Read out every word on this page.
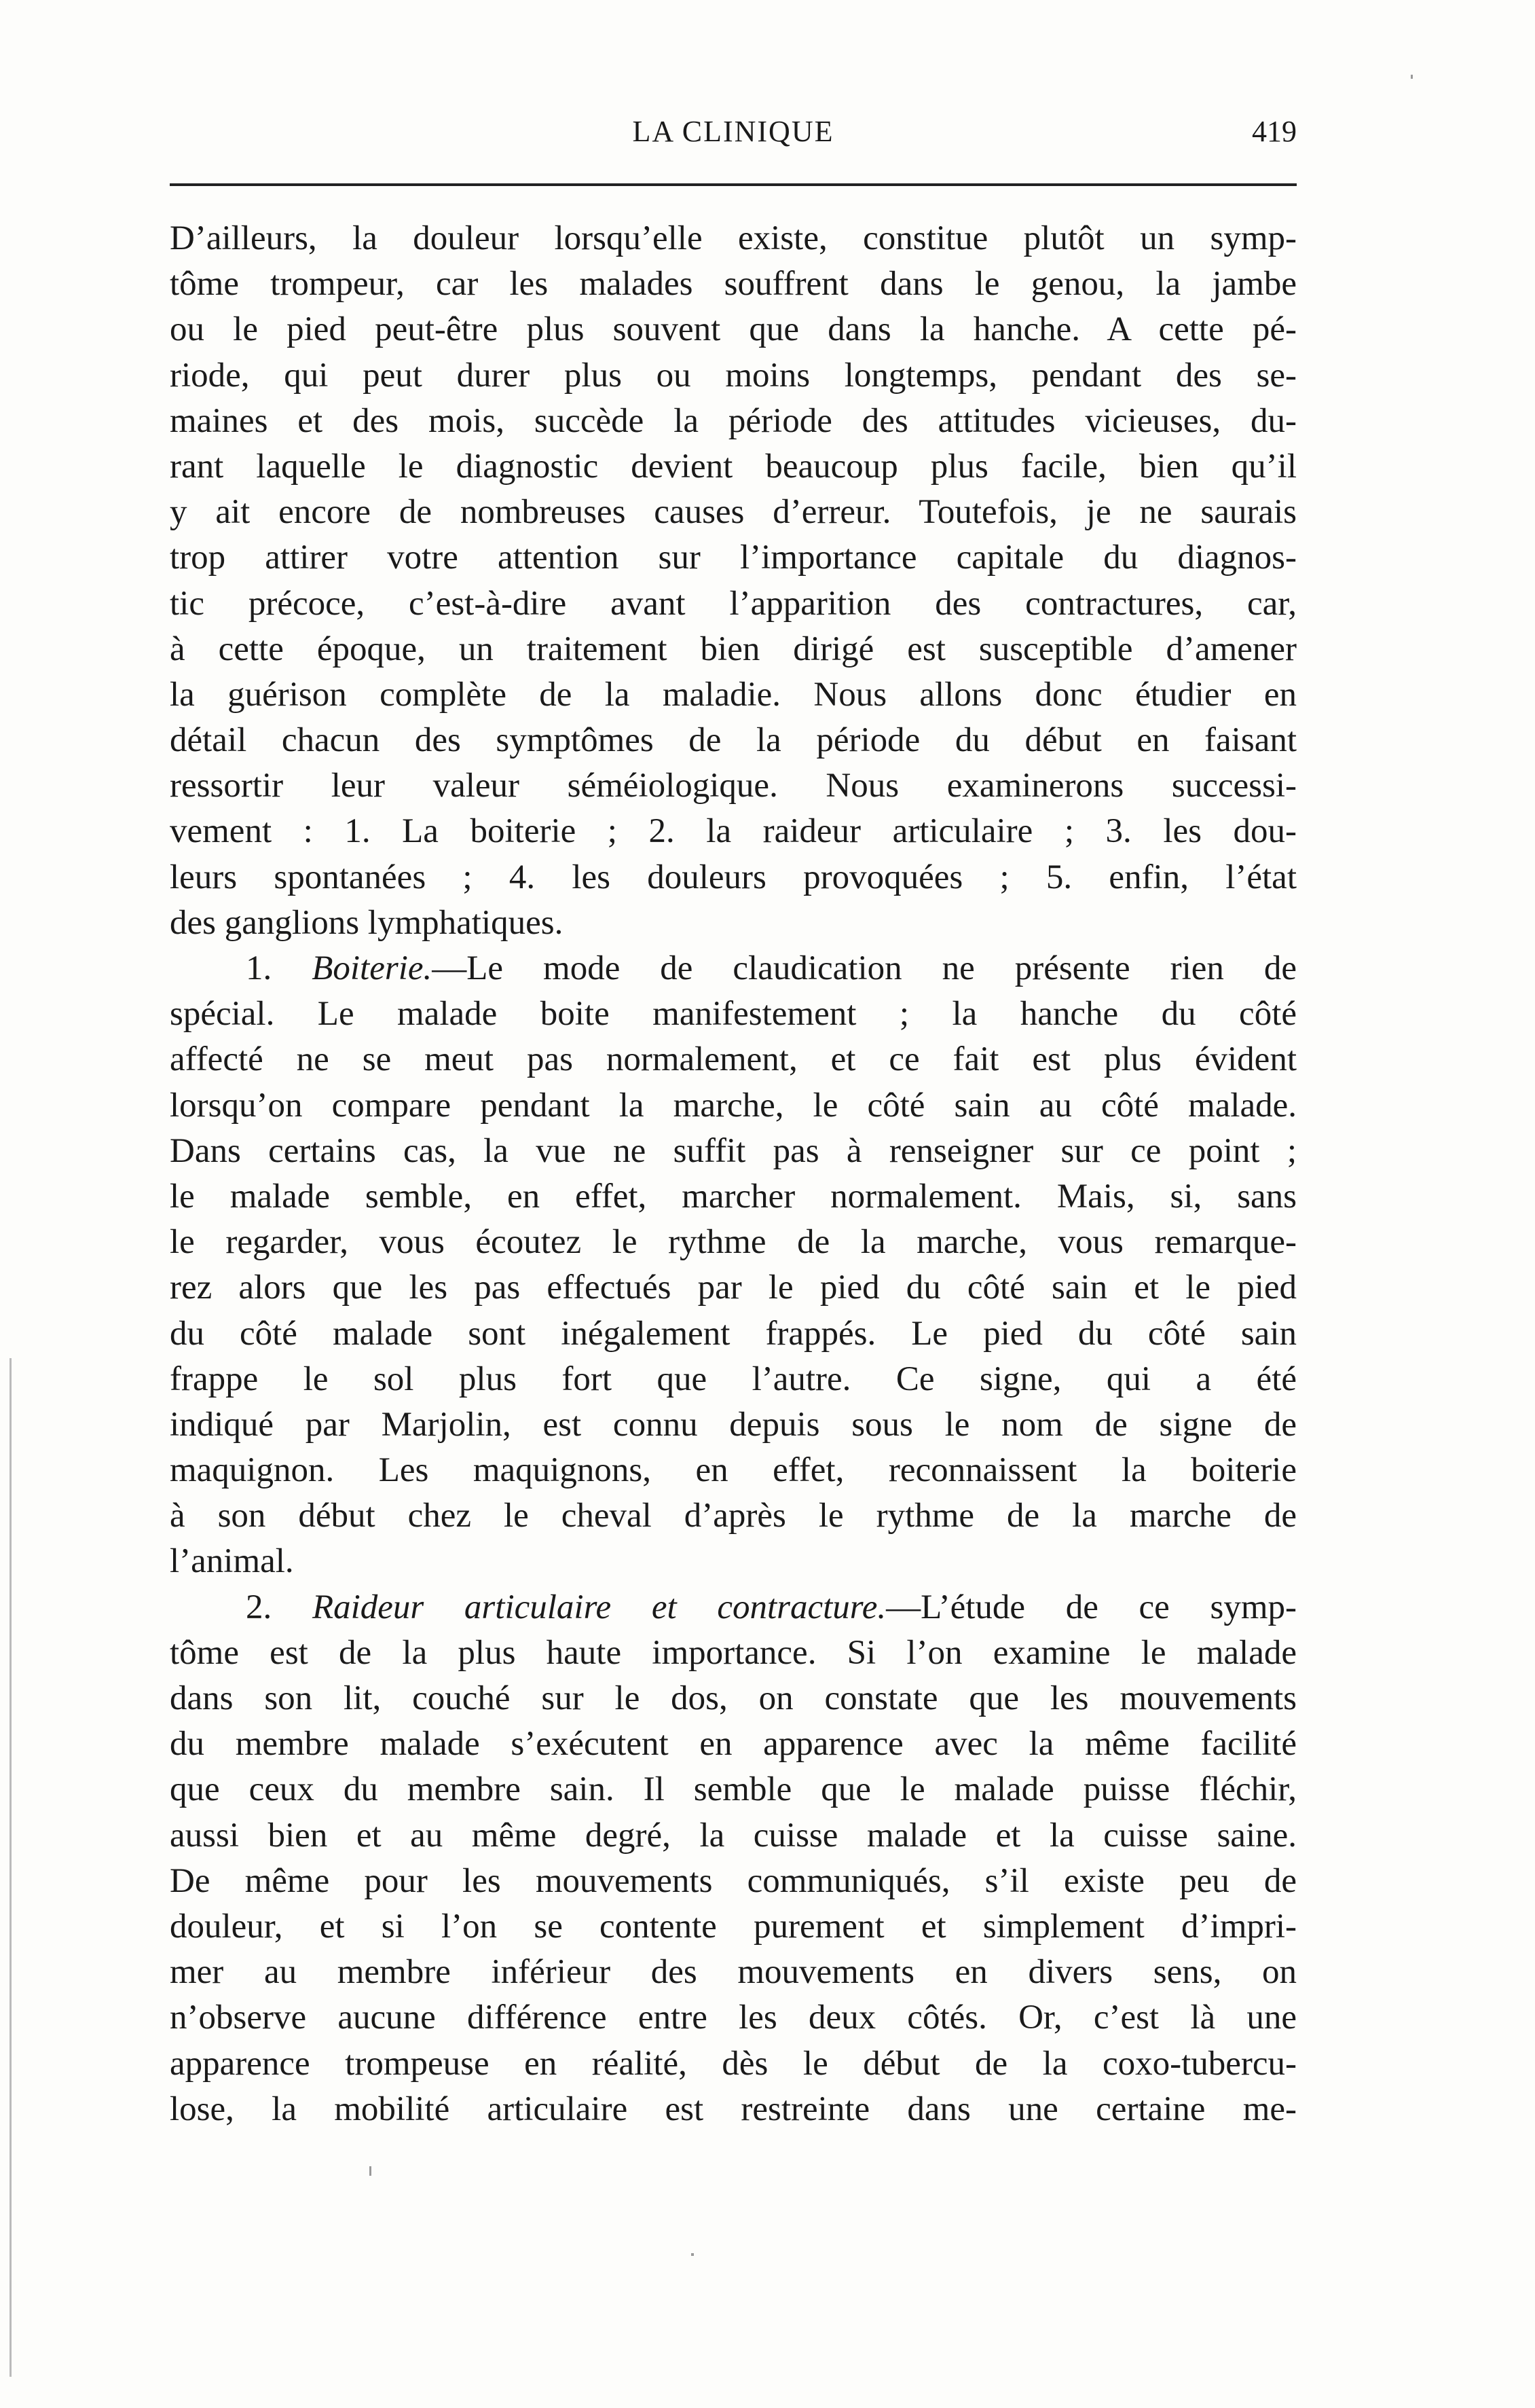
LA CLINIQUE	419
D’ailleurs, la douleur lorsqu’elle existe, constitue plutôt un symp-
tôme trompeur, car les malades souffrent dans le genou, la jambe
ou le pied peut-être plus souvent que dans la hanche. A cette pé-
riode, qui peut durer plus ou moins longtemps, pendant des se-
maines et des mois, succède la période des attitudes vicieuses, du-
rant laquelle le diagnostic devient beaucoup plus facile, bien qu’il
y ait encore de nombreuses causes d’erreur. Toutefois, je ne saurais
trop attirer votre attention sur l’importance capitale du diagnos-
tic précoce, c’est-à-dire avant l’apparition des contractures, car,
à cette époque, un traitement bien dirigé est susceptible d’amener
la guérison complète de la maladie. Nous allons donc étudier en
détail chacun des symptômes de la période du début en faisant
ressortir leur valeur séméiologique. Nous examinerons successi-
vement : 1. La boiterie ; 2. la raideur articulaire ; 3. les dou-
leurs spontanées ; 4. les douleurs provoquées ; 5. enfin, l’état
des ganglions lymphatiques.
1. Boiterie.—Le mode de claudication ne présente rien de
spécial. Le malade boite manifestement ; la hanche du côté
affecté ne se meut pas normalement, et ce fait est plus évident
lorsqu’on compare pendant la marche, le côté sain au côté malade.
Dans certains cas, la vue ne suffit pas à renseigner sur ce point ;
le malade semble, en effet, marcher normalement. Mais, si, sans
le regarder, vous écoutez le rythme de la marche, vous remarque-
rez alors que les pas effectués par le pied du côté sain et le pied
du côté malade sont inégalement frappés. Le pied du côté sain
frappe le sol plus fort que l’autre. Ce signe, qui a été
indiqué par Marjolin, est connu depuis sous le nom de signe de
maquignon. Les maquignons, en effet, reconnaissent la boiterie
à son début chez le cheval d’après le rythme de la marche de
l’animal.
2. Raideur articulaire et contracture.—L’étude de ce symp-
tôme est de la plus haute importance. Si l’on examine le malade
dans son lit, couché sur le dos, on constate que les mouvements
du membre malade s’exécutent en apparence avec la même facilité
que ceux du membre sain. Il semble que le malade puisse fléchir,
aussi bien et au même degré, la cuisse malade et la cuisse saine.
De même pour les mouvements communiqués, s’il existe peu de
douleur, et si l’on se contente purement et simplement d’impri-
mer au membre inférieur des mouvements en divers sens, on
n’observe aucune différence entre les deux côtés. Or, c’est là une
apparence trompeuse en réalité, dès le début de la coxo-tubercu-
lose, la mobilité articulaire est restreinte dans une certaine me-
